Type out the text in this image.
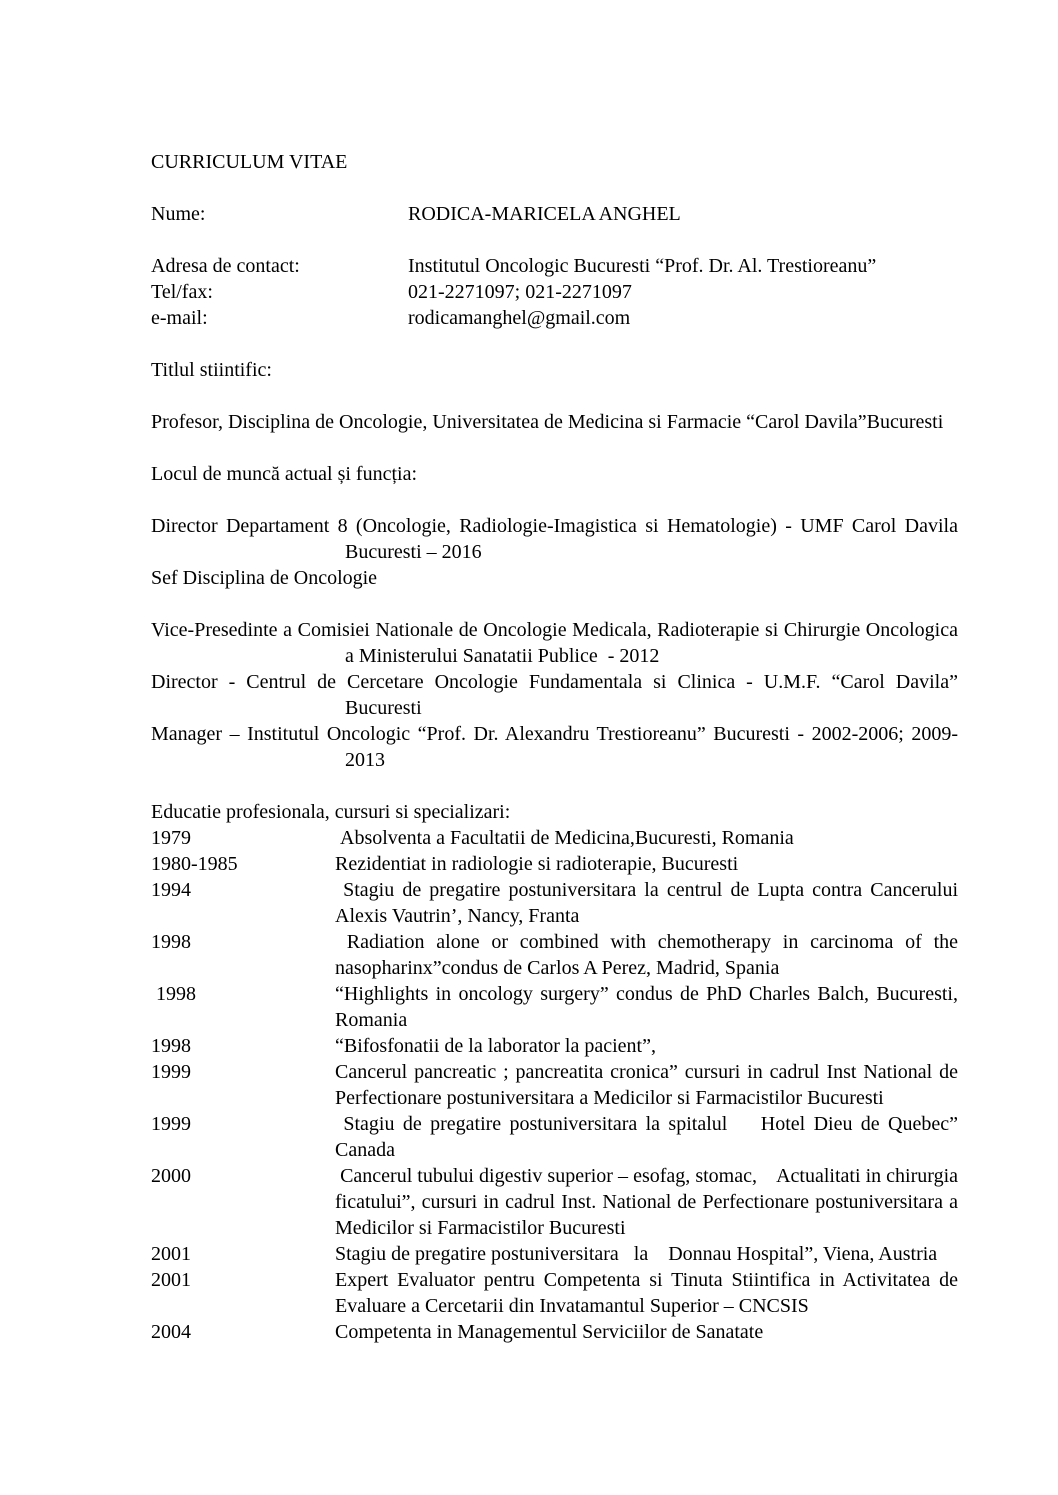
CURRICULUM VITAE
Nume:	RODICA-MARICELA ANGHEL
Adresa de contact:	Institutul Oncologic Bucuresti “Prof. Dr. Al. Trestioreanu”
Tel/fax:	021-2271097; 021-2271097
e-mail:	rodicamanghel@gmail.com
Titlul stiintific:
Profesor, Disciplina de Oncologie, Universitatea de Medicina si Farmacie “Carol Davila”Bucuresti
Locul de muncă actual și funcția:
Director Departament 8 (Oncologie, Radiologie-Imagistica si Hematologie) - UMF Carol Davila Bucuresti – 2016
Sef Disciplina de Oncologie
Vice-Presedinte a Comisiei Nationale de Oncologie Medicala, Radioterapie si Chirurgie Oncologica a Ministerului Sanatatii Publice  - 2012
Director - Centrul de Cercetare Oncologie Fundamentala si Clinica - U.M.F. “Carol Davila” Bucuresti
Manager – Institutul Oncologic “Prof. Dr. Alexandru Trestioreanu” Bucuresti - 2002-2006; 2009-2013
Educatie profesionala, cursuri si specializari:
1979	Absolventa a Facultatii de Medicina,Bucuresti, Romania
1980-1985	Rezidentiat in radiologie si radioterapie, Bucuresti
1994	Stagiu de pregatire postuniversitara la centrul de Lupta contra Cancerului    Alexis Vautrin’, Nancy, Franta
1998	Radiation alone or combined with chemotherapy in carcinoma of the nasopharinx”condus de Carlos A Perez, Madrid, Spania
1998	“Highlights in oncology surgery” condus de PhD Charles Balch, Bucuresti, Romania
1998	“Bifosfonatii de la laborator la pacient”,
1999	Cancerul pancreatic ; pancreatita cronica” cursuri in cadrul Inst National de Perfectionare postuniversitara a Medicilor si Farmacistilor Bucuresti
1999	Stagiu de pregatire postuniversitara la spitalul    Hotel Dieu de Quebec” Canada
2000	Cancerul tubului digestiv superior – esofag, stomac,    Actualitati in chirurgia ficatului”, cursuri in cadrul Inst. National de Perfectionare postuniversitara a Medicilor si Farmacistilor Bucuresti
2001	Stagiu de pregatire postuniversitara   la    Donnau Hospital”, Viena, Austria
2001	Expert Evaluator pentru Competenta si Tinuta Stiintifica in Activitatea de Evaluare a Cercetarii din Invatamantul Superior – CNCSIS
2004	Competenta in Managementul Serviciilor de Sanatate
